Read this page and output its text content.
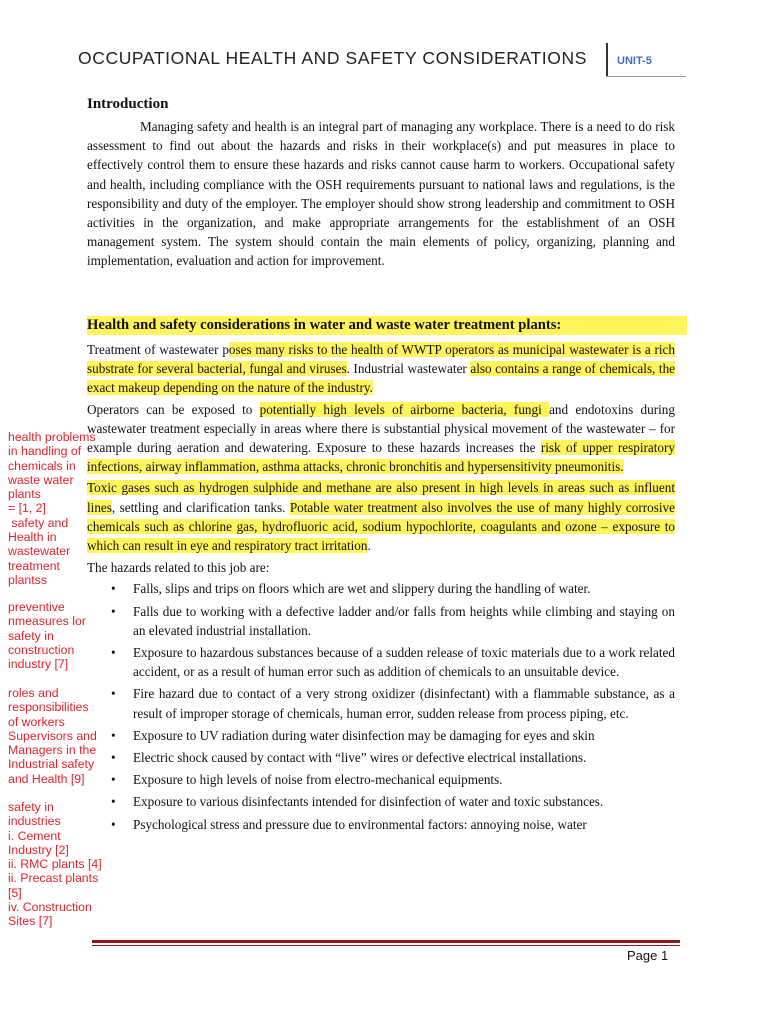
OCCUPATIONAL HEALTH AND SAFETY CONSIDERATIONS	UNIT-5
Introduction

Managing safety and health is an integral part of managing any workplace. There is a need to do risk assessment to find out about the hazards and risks in their workplace(s) and put measures in place to effectively control them to ensure these hazards and risks cannot cause harm to workers. Occupational safety and health, including compliance with the OSH requirements pursuant to national laws and regulations, is the responsibility and duty of the employer. The employer should show strong leadership and commitment to OSH activities in the organization, and make appropriate arrangements for the establishment of an OSH management system. The system should contain the main elements of policy, organizing, planning and implementation, evaluation and action for improvement.

Health and safety considerations in water and waste water treatment plants:

Treatment of wastewater poses many risks to the health of WWTP operators as municipal wastewater is a rich substrate for several bacterial, fungal and viruses. Industrial wastewater also contains a range of chemicals, the exact makeup depending on the nature of the industry.

Operators can be exposed to potentially high levels of airborne bacteria, fungi and endotoxins during wastewater treatment especially in areas where there is substantial physical movement of the wastewater – for example during aeration and dewatering. Exposure to these hazards increases the risk of upper respiratory infections, airway inflammation, asthma attacks, chronic bronchitis and hypersensitivity pneumonitis.

Toxic gases such as hydrogen sulphide and methane are also present in high levels in areas such as influent lines, settling and clarification tanks. Potable water treatment also involves the use of many highly corrosive chemicals such as chlorine gas, hydrofluoric acid, sodium hypochlorite, coagulants and ozone – exposure to which can result in eye and respiratory tract irritation.

The hazards related to this job are:

• Falls, slips and trips on floors which are wet and slippery during the handling of water.
• Falls due to working with a defective ladder and/or falls from heights while climbing and staying on an elevated industrial installation.
• Exposure to hazardous substances because of a sudden release of toxic materials due to a work related accident, or as a result of human error such as addition of chemicals to an unsuitable device.
• Fire hazard due to contact of a very strong oxidizer (disinfectant) with a flammable substance, as a result of improper storage of chemicals, human error, sudden release from process piping, etc.
• Exposure to UV radiation during water disinfection may be damaging for eyes and skin
• Electric shock caused by contact with “live” wires or defective electrical installations.
• Exposure to high levels of noise from electro-mechanical equipments.
• Exposure to various disinfectants intended for disinfection of water and toxic substances.
• Psychological stress and pressure due to environmental factors: annoying noise, water
health problems
in handling of
chemicals in
waste water
plants
= [1, 2]
safety and
Health in
wastewater
treatment
plantss
preventive
nmeasures lor
safety in
construction
industry [7]
roles and
responsibilities
of workers
Supervisors and
Managers in the
Industrial safety
and Health [9]
safety in
industries
i. Cement
Industry [2]
ii. RMC plants [4]
ii. Precast plants
[5]
iv. Construction
Sites [7]
Page 1
